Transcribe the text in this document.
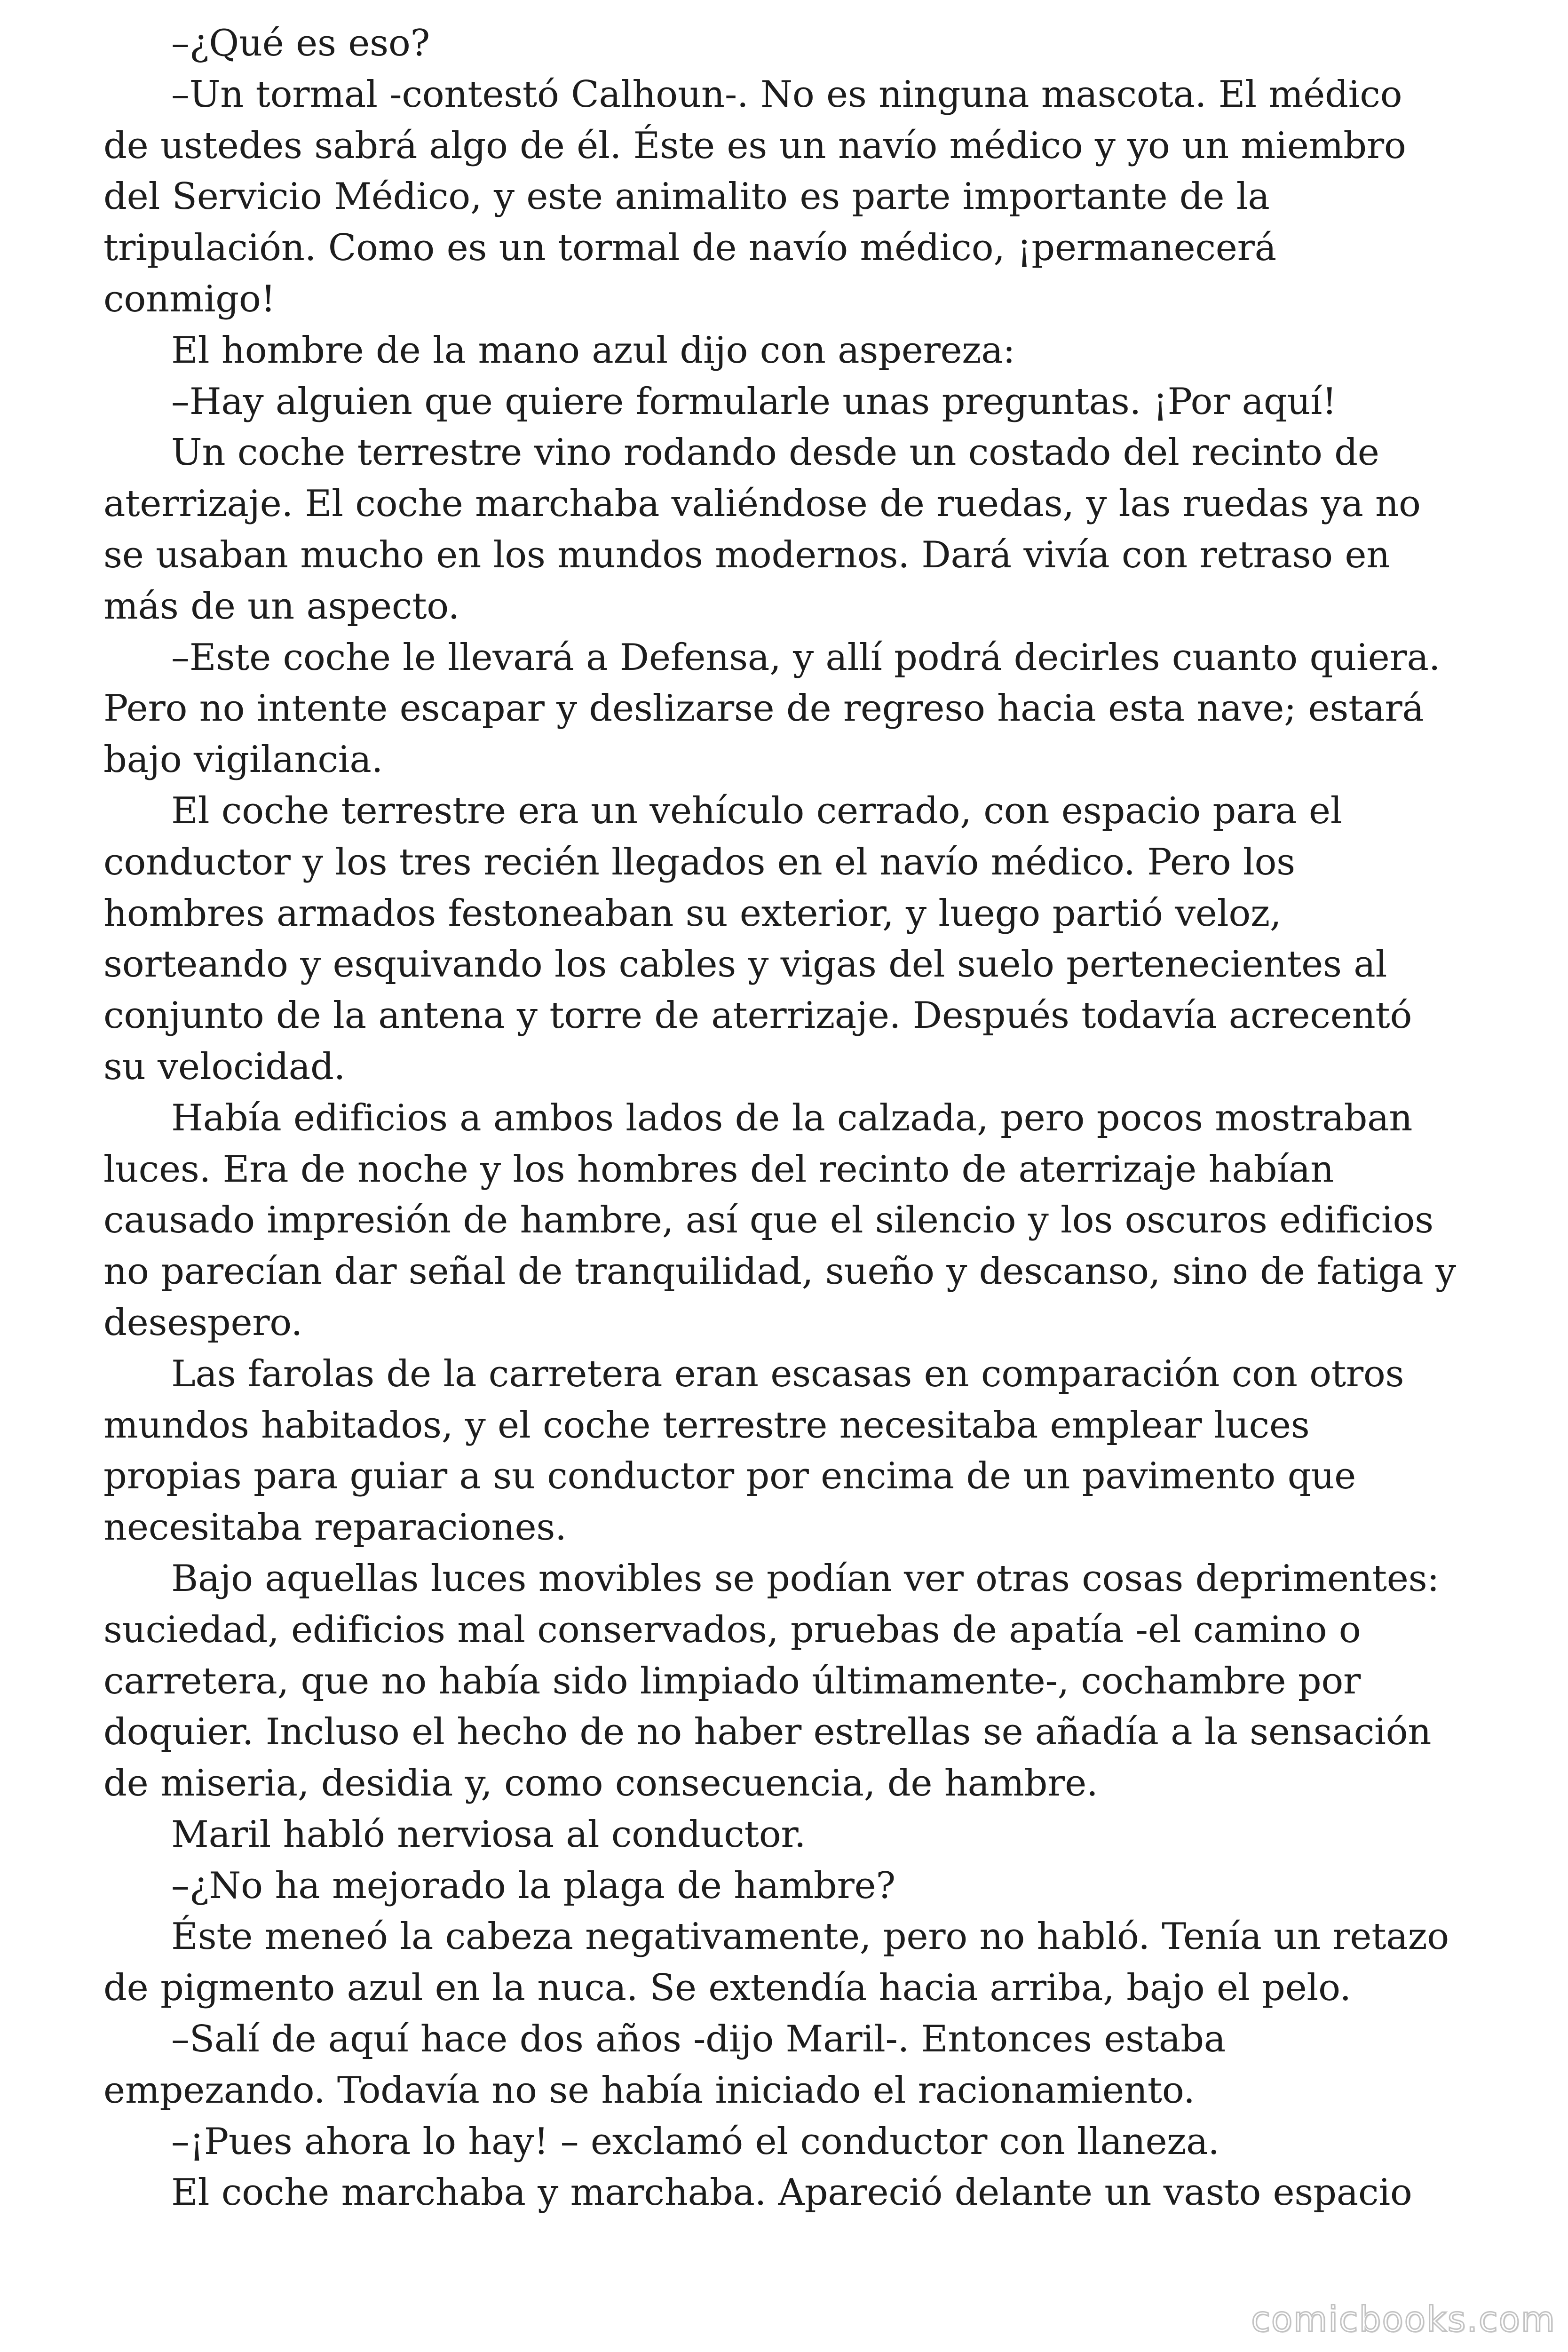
–¿Qué es eso?

–Un tormal -contestó Calhoun-. No es ninguna mascota. El médico de ustedes sabrá algo de él. Éste es un navío médico y yo un miembro del Servicio Médico, y este animalito es parte importante de la tripulación. Como es un tormal de navío médico, ¡permanecerá conmigo!

El hombre de la mano azul dijo con aspereza:

–Hay alguien que quiere formularle unas preguntas. ¡Por aquí!

Un coche terrestre vino rodando desde un costado del recinto de aterrizaje. El coche marchaba valiéndose de ruedas, y las ruedas ya no se usaban mucho en los mundos modernos. Dará vivía con retraso en más de un aspecto.

–Este coche le llevará a Defensa, y allí podrá decirles cuanto quiera. Pero no intente escapar y deslizarse de regreso hacia esta nave; estará bajo vigilancia.

El coche terrestre era un vehículo cerrado, con espacio para el conductor y los tres recién llegados en el navío médico. Pero los hombres armados festoneaban su exterior, y luego partió veloz, sorteando y esquivando los cables y vigas del suelo pertenecientes al conjunto de la antena y torre de aterrizaje. Después todavía acrecentó su velocidad.

Había edificios a ambos lados de la calzada, pero pocos mostraban luces. Era de noche y los hombres del recinto de aterrizaje habían causado impresión de hambre, así que el silencio y los oscuros edificios no parecían dar señal de tranquilidad, sueño y descanso, sino de fatiga y desespero.

Las farolas de la carretera eran escasas en comparación con otros mundos habitados, y el coche terrestre necesitaba emplear luces propias para guiar a su conductor por encima de un pavimento que necesitaba reparaciones.

Bajo aquellas luces movibles se podían ver otras cosas deprimentes: suciedad, edificios mal conservados, pruebas de apatía -el camino o carretera, que no había sido limpiado últimamente-, cochambre por doquier. Incluso el hecho de no haber estrellas se añadía a la sensación de miseria, desidia y, como consecuencia, de hambre.

Maril habló nerviosa al conductor.

–¿No ha mejorado la plaga de hambre?

Éste meneó la cabeza negativamente, pero no habló. Tenía un retazo de pigmento azul en la nuca. Se extendía hacia arriba, bajo el pelo.

–Salí de aquí hace dos años -dijo Maril-. Entonces estaba empezando. Todavía no se había iniciado el racionamiento.

–¡Pues ahora lo hay! – exclamó el conductor con llaneza.

El coche marchaba y marchaba. Apareció delante un vasto espacio

comicbooks.com
